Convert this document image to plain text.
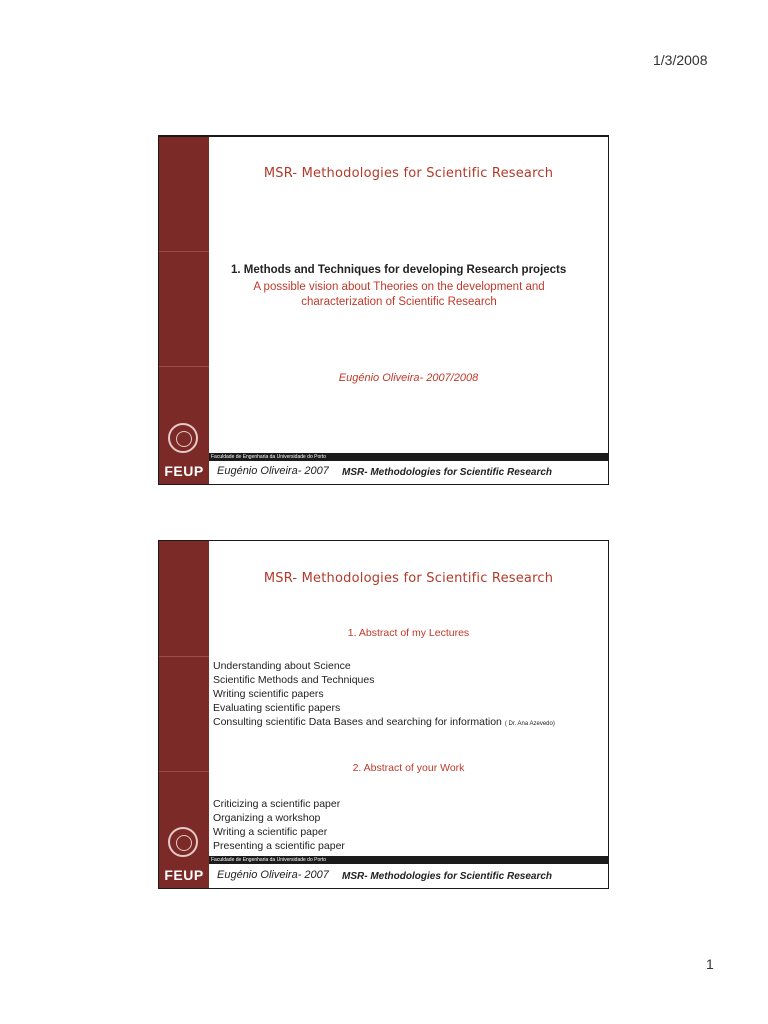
1/3/2008
MSR- Methodologies for Scientific Research
1. Methods and Techniques for developing Research projects
A possible vision about Theories on the development and
characterization of Scientific Research
Eugénio Oliveira- 2007/2008
Faculdade de Engenharia da Universidade do Porto
FEUP	Eugénio Oliveira- 2007 MSR- Methodologies for Scientific Research
MSR- Methodologies for Scientific Research
1. Abstract of my Lectures
Understanding about Science
Scientific Methods and Techniques
Writing scientific papers
Evaluating scientific papers
Consulting scientific Data Bases and searching for information ( Dr. Ana Azevedo)
2. Abstract of your Work
Criticizing a scientific paper
Organizing a workshop
Writing a scientific paper
Presenting a scientific paper
Faculdade de Engenharia da Universidade do Porto
FEUP	Eugénio Oliveira- 2007 MSR- Methodologies for Scientific Research
1
